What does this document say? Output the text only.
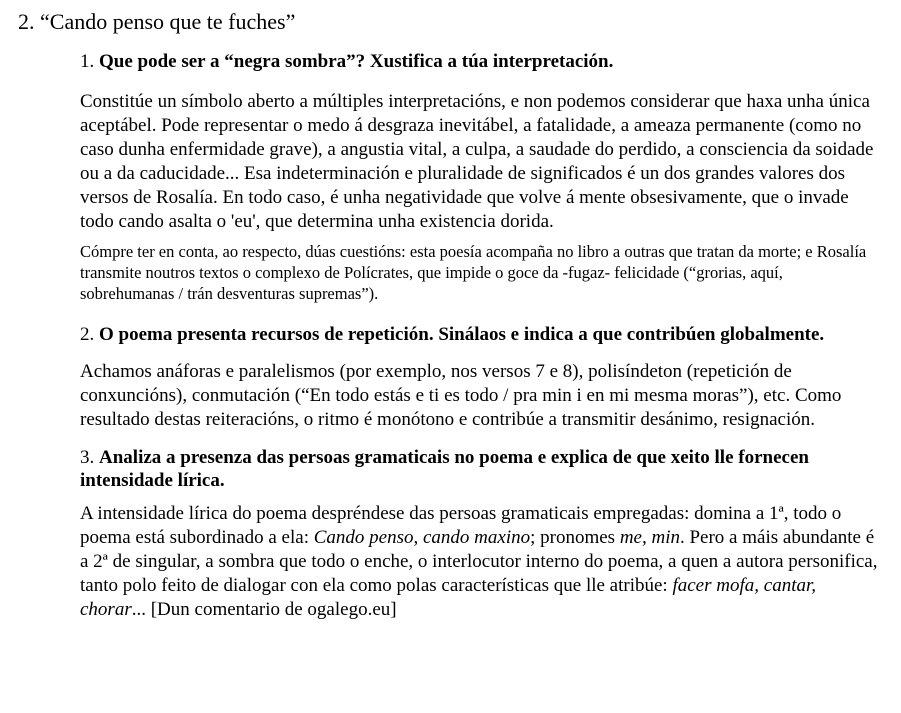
2. “Cando penso que te fuches”

1. Que pode ser a “negra sombra”? Xustifica a túa interpretación.

Constitúe un símbolo aberto a múltiples interpretacións, e non podemos considerar que haxa unha única aceptábel. Pode representar o medo á desgraza inevitábel, a fatalidade, a ameaza permanente (como no caso dunha enfermidade grave), a angustia vital, a culpa, a saudade do perdido, a consciencia da soidade ou a da caducidade... Esa indeterminación e pluralidade de significados é un dos grandes valores dos versos de Rosalía. En todo caso, é unha negatividade que volve á mente obsesivamente, que o invade todo cando asalta o 'eu', que determina unha existencia dorida.

Cómpre ter en conta, ao respecto, dúas cuestións: esta poesía acompaña no libro a outras que tratan da morte; e Rosalía transmite noutros textos o complexo de Polícrates, que impide o goce da -fugaz- felicidade (“grorias, aquí, sobrehumanas / trán desventuras supremas”).

2. O poema presenta recursos de repetición. Sinálaos e indica a que contribúen globalmente.

Achamos anáforas e paralelismos (por exemplo, nos versos 7 e 8), polisíndeton (repetición de conxuncións), conmutación (“En todo estás e ti es todo / pra min i en mi mesma moras”), etc. Como resultado destas reiteracións, o ritmo é monótono e contribúe a transmitir desánimo, resignación.

3. Analiza a presenza das persoas gramaticais no poema e explica de que xeito lle fornecen intensidade lírica.

A intensidade lírica do poema despréndese das persoas gramaticais empregadas: domina a 1ª, todo o poema está subordinado a ela: Cando penso, cando maxino; pronomes me, min. Pero a máis abundante é a 2ª de singular, a sombra que todo o enche, o interlocutor interno do poema, a quen a autora personifica, tanto polo feito de dialogar con ela como polas características que lle atribúe: facer mofa, cantar, chorar... [Dun comentario de ogalego.eu]
